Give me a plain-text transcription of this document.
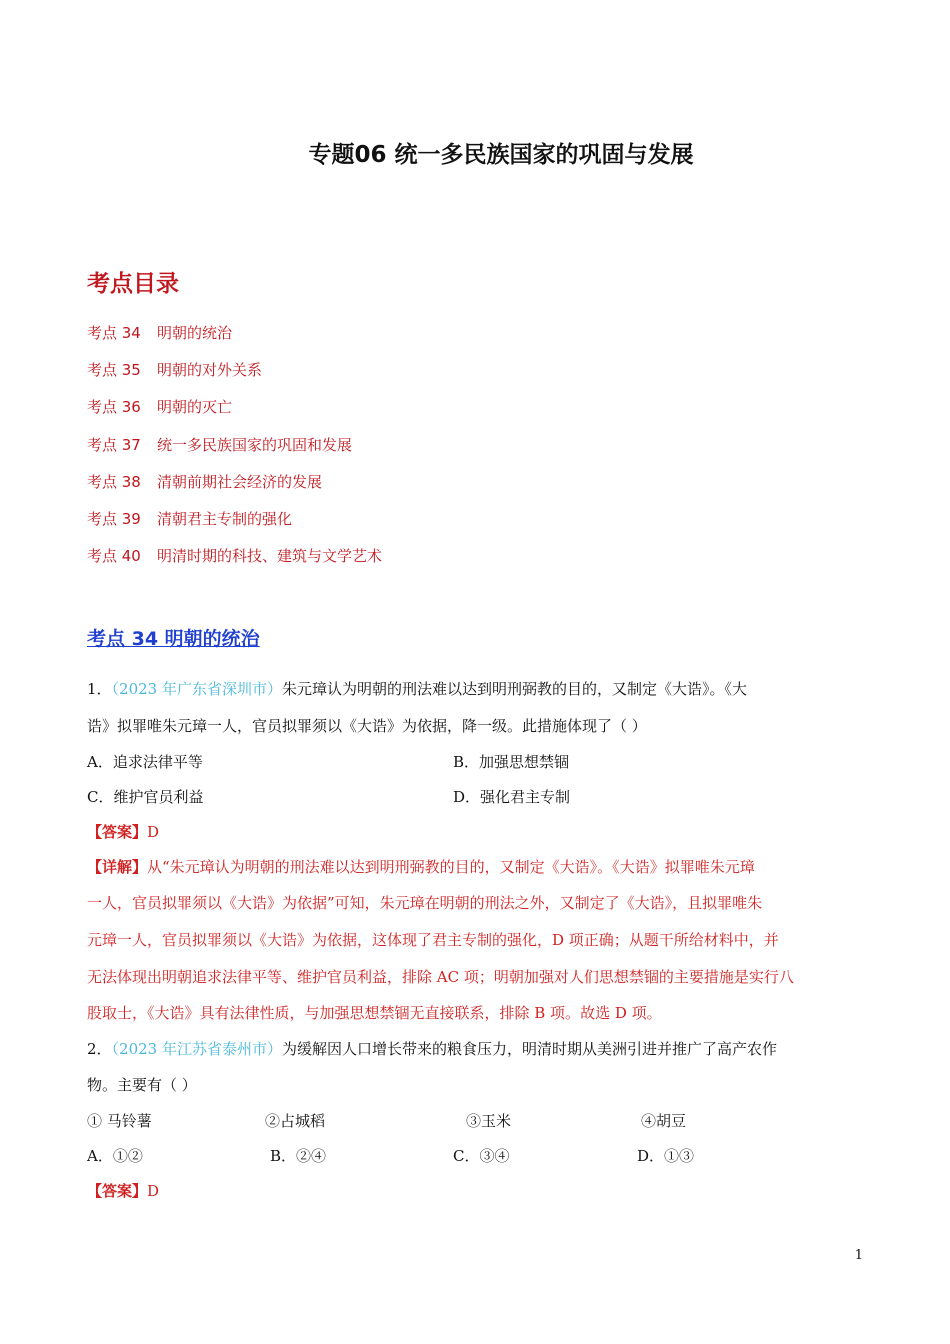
专题06 统一多民族国家的巩固与发展
考点目录
考点 34 明朝的统治
考点 35 明朝的对外关系
考点 36 明朝的灭亡
考点 37 统一多民族国家的巩固和发展
考点 38 清朝前期社会经济的发展
考点 39 清朝君主专制的强化
考点 40 明清时期的科技、建筑与文学艺术
考点 34 明朝的统治
1．（2023 年广东省深圳市）朱元璋认为明朝的刑法难以达到明刑弼教的目的，又制定《大诰》。《大
诰》拟罪唯朱元璋一人，官员拟罪须以《大诰》为依据，降一级。此措施体现了（ ）
A．追求法律平等	B．加强思想禁锢
C．维护官员利益	D．强化君主专制
【答案】D
【详解】从“朱元璋认为明朝的刑法难以达到明刑弼教的目的，又制定《大诰》。《大诰》拟罪唯朱元璋
一人，官员拟罪须以《大诰》为依据”可知，朱元璋在明朝的刑法之外，又制定了《大诰》，且拟罪唯朱
元璋一人，官员拟罪须以《大诰》为依据，这体现了君主专制的强化，D 项正确；从题干所给材料中，并
无法体现出明朝追求法律平等、维护官员利益，排除 AC 项；明朝加强对人们思想禁锢的主要措施是实行八
股取士，《大诰》具有法律性质，与加强思想禁锢无直接联系，排除 B 项。故选 D 项。
2．（2023 年江苏省泰州市）为缓解因人口增长带来的粮食压力，明清时期从美洲引进并推广了高产农作
物。主要有（ ）
① 马铃薯	②占城稻	③玉米	④胡豆
A．①②	B．②④	C．③④	D．①③
【答案】D
1
